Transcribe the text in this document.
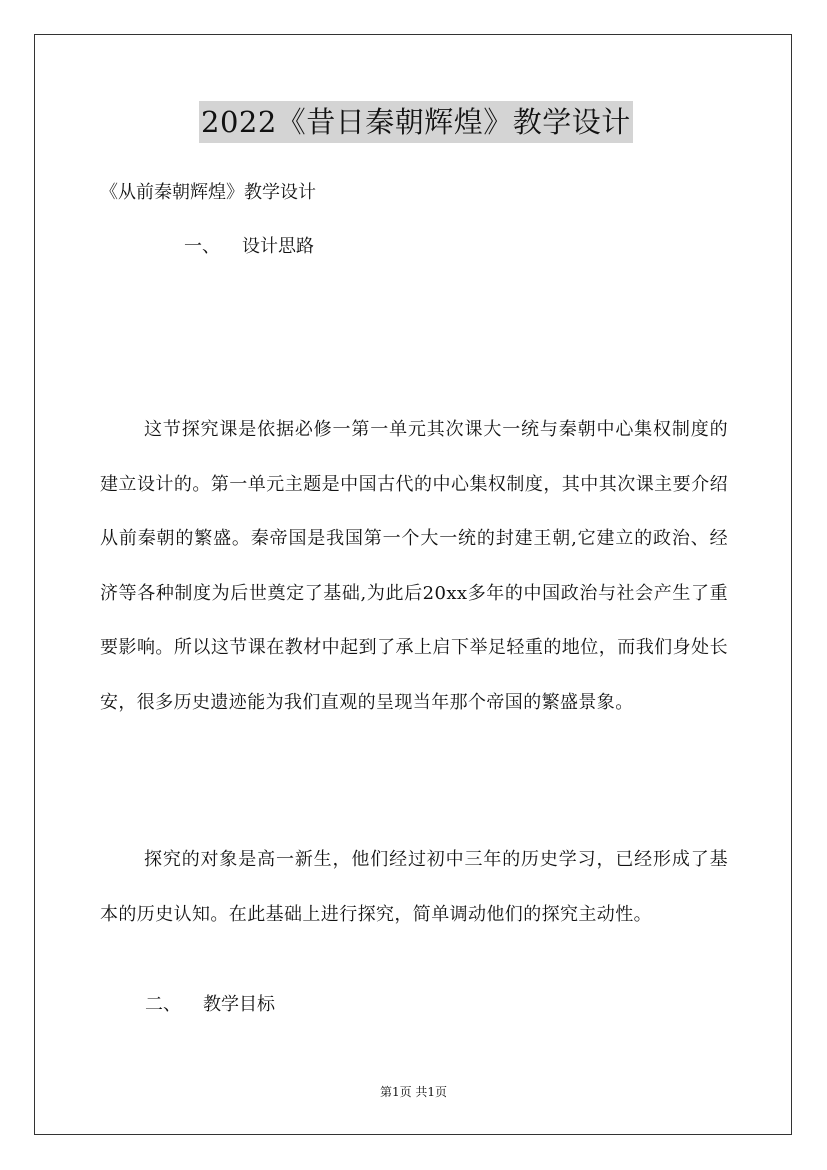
2022《昔日秦朝辉煌》教学设计
《从前秦朝辉煌》教学设计
一、 设计思路

这节探究课是依据必修一第一单元其次课大一统与秦朝中心集权制度的建立设计的。第一单元主题是中国古代的中心集权制度，其中其次课主要介绍从前秦朝的繁盛。秦帝国是我国第一个大一统的封建王朝,它建立的政治、经济等各种制度为后世奠定了基础,为此后20xx多年的中国政治与社会产生了重要影响。所以这节课在教材中起到了承上启下举足轻重的地位，而我们身处长安，很多历史遗迹能为我们直观的呈现当年那个帝国的繁盛景象。

探究的对象是高一新生，他们经过初中三年的历史学习，已经形成了基本的历史认知。在此基础上进行探究，简单调动他们的探究主动性。

二、 教学目标
第1页 共1页
